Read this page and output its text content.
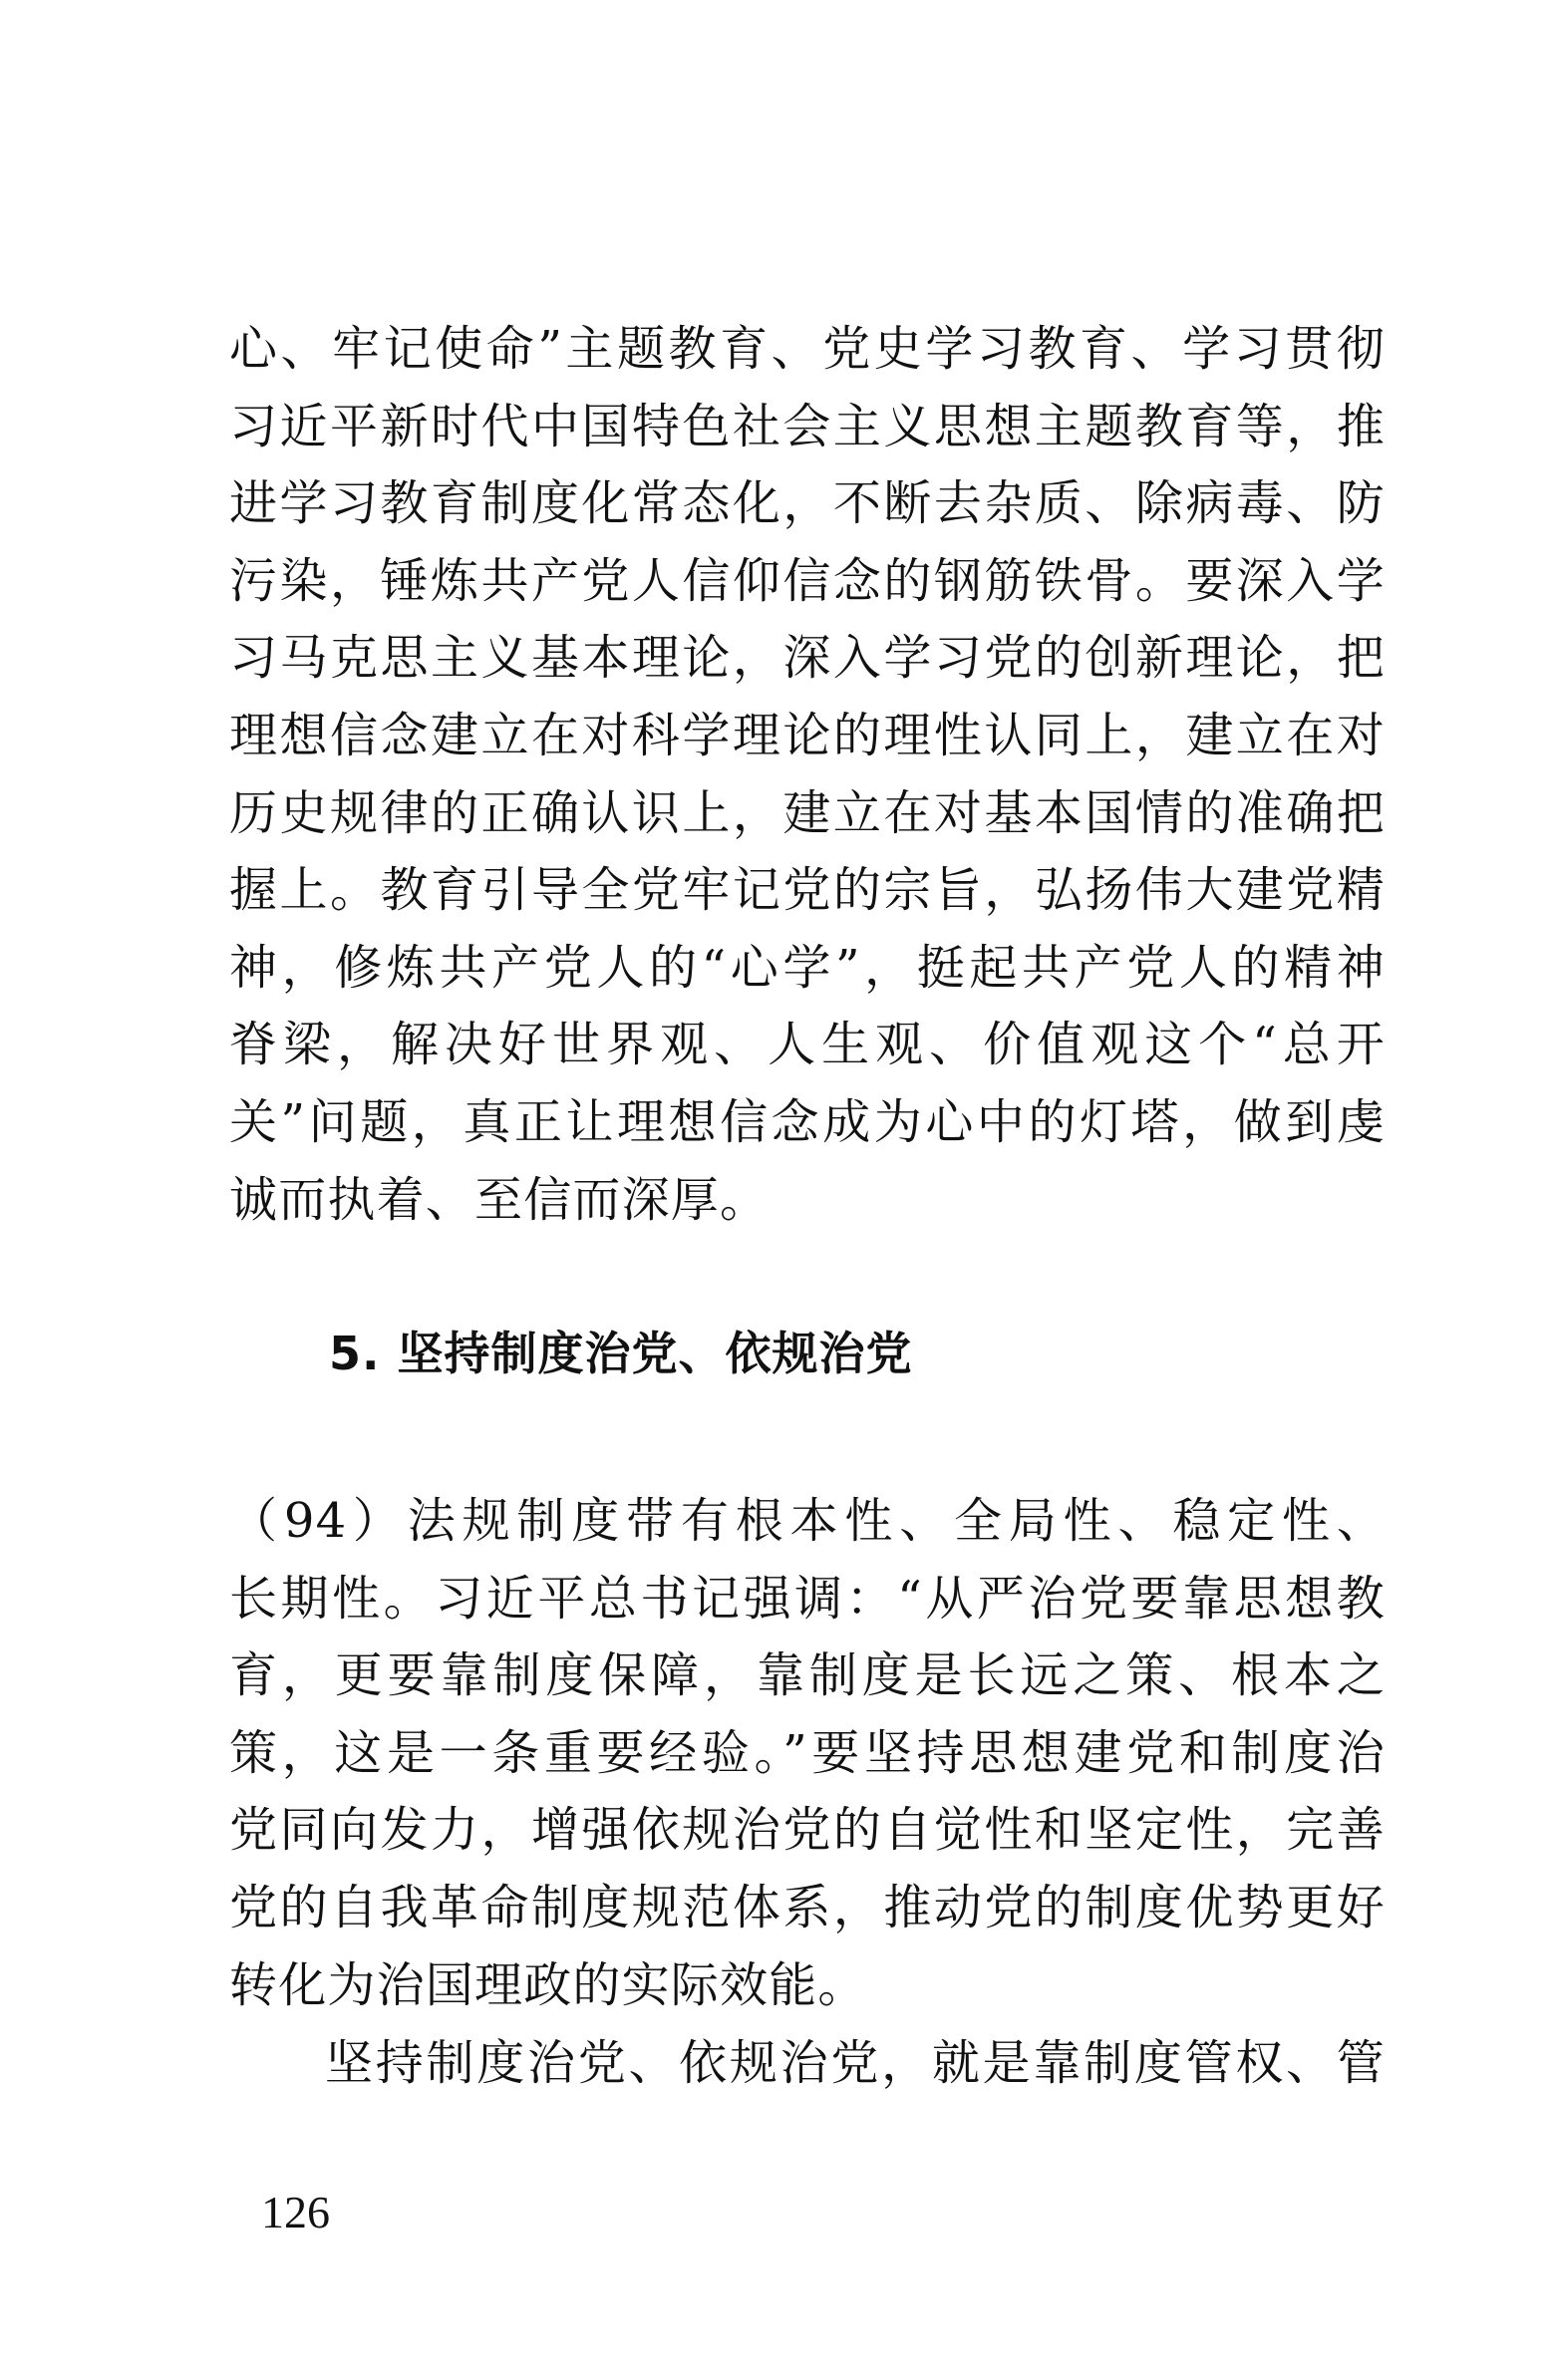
心、牢记使命”主题教育、党史学习教育、学习贯彻
习近平新时代中国特色社会主义思想主题教育等，推
进学习教育制度化常态化，不断去杂质、除病毒、防
污染，锤炼共产党人信仰信念的钢筋铁骨。要深入学
习马克思主义基本理论，深入学习党的创新理论，把
理想信念建立在对科学理论的理性认同上，建立在对
历史规律的正确认识上，建立在对基本国情的准确把
握上。教育引导全党牢记党的宗旨，弘扬伟大建党精
神，修炼共产党人的“心学”，挺起共产党人的精神
脊梁，解决好世界观、人生观、价值观这个“总开
关”问题，真正让理想信念成为心中的灯塔，做到虔
诚而执着、至信而深厚。
5. 坚持制度治党、依规治党
（94）法规制度带有根本性、全局性、稳定性、
长期性。习近平总书记强调：“从严治党要靠思想教
育，更要靠制度保障，靠制度是长远之策、根本之
策，这是一条重要经验。”要坚持思想建党和制度治
党同向发力，增强依规治党的自觉性和坚定性，完善
党的自我革命制度规范体系，推动党的制度优势更好
转化为治国理政的实际效能。
坚持制度治党、依规治党，就是靠制度管权、管
126
